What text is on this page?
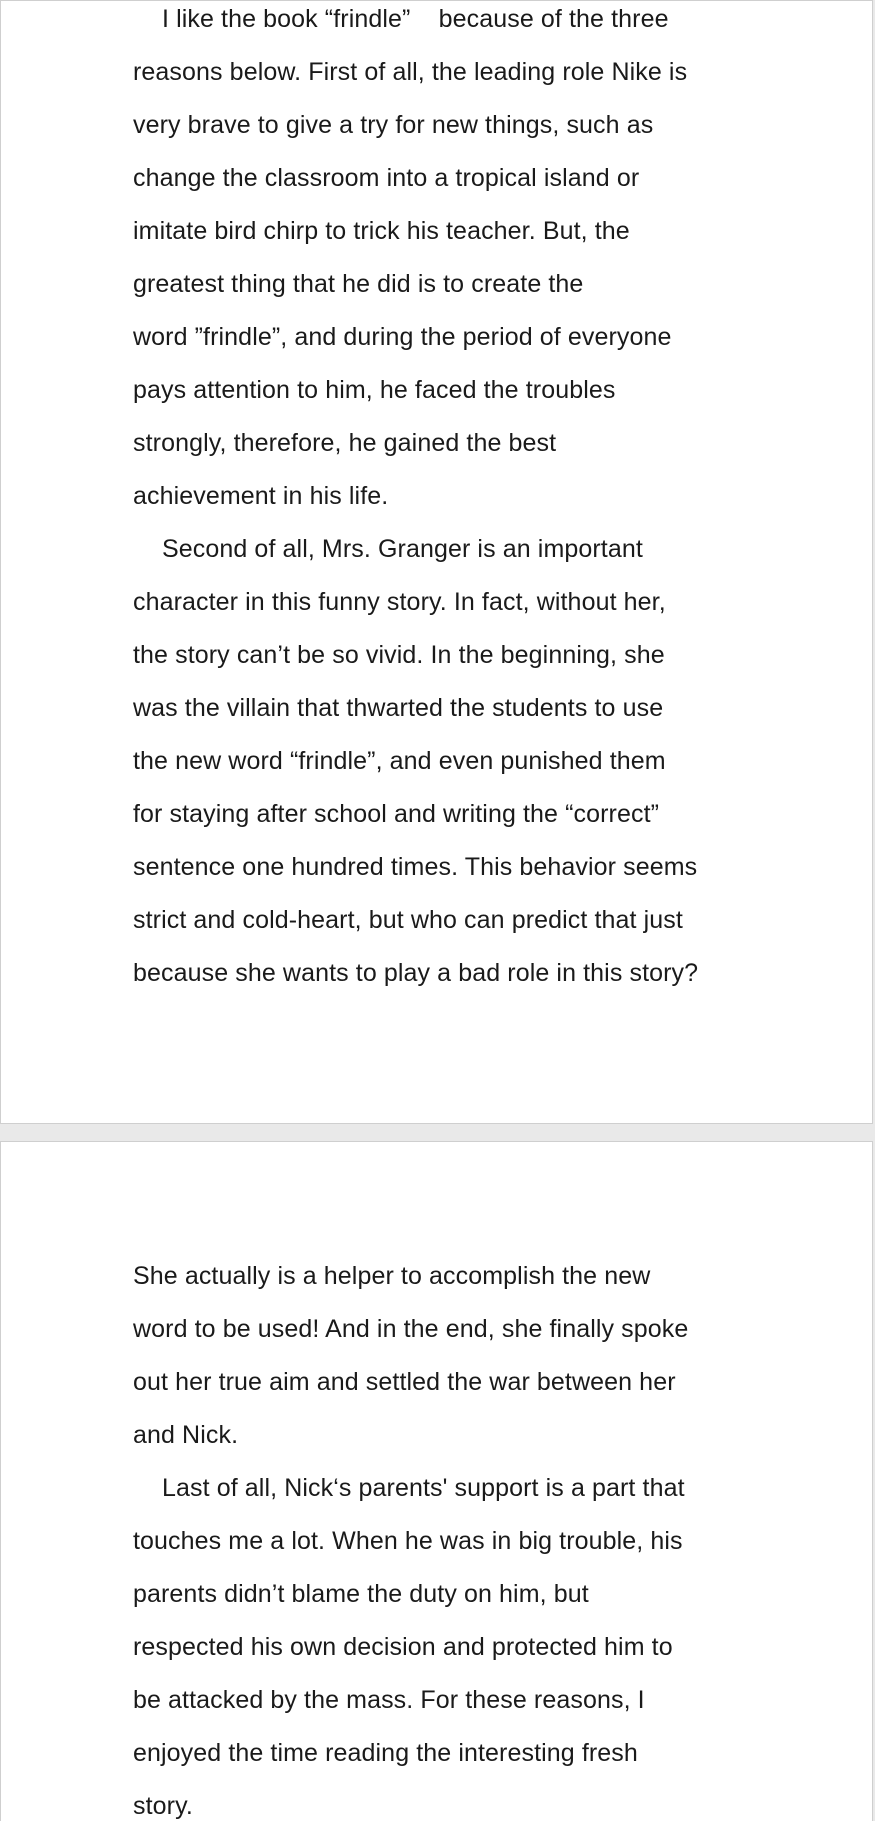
I like the book “frindle”    because of the three
reasons below. First of all, the leading role Nike is
very brave to give a try for new things, such as
change the classroom into a tropical island or
imitate bird chirp to trick his teacher. But, the
greatest thing that he did is to create the
word ”frindle”, and during the period of everyone
pays attention to him, he faced the troubles
strongly, therefore, he gained the best
achievement in his life.
Second of all, Mrs. Granger is an important
character in this funny story. In fact, without her,
the story can’t be so vivid. In the beginning, she
was the villain that thwarted the students to use
the new word “frindle”, and even punished them
for staying after school and writing the “correct”
sentence one hundred times. This behavior seems
strict and cold-heart, but who can predict that just
because she wants to play a bad role in this story?
She actually is a helper to accomplish the new
word to be used! And in the end, she finally spoke
out her true aim and settled the war between her
and Nick.
Last of all, Nick‘s parents' support is a part that
touches me a lot. When he was in big trouble, his
parents didn’t blame the duty on him, but
respected his own decision and protected him to
be attacked by the mass. For these reasons, I
enjoyed the time reading the interesting fresh
story.
